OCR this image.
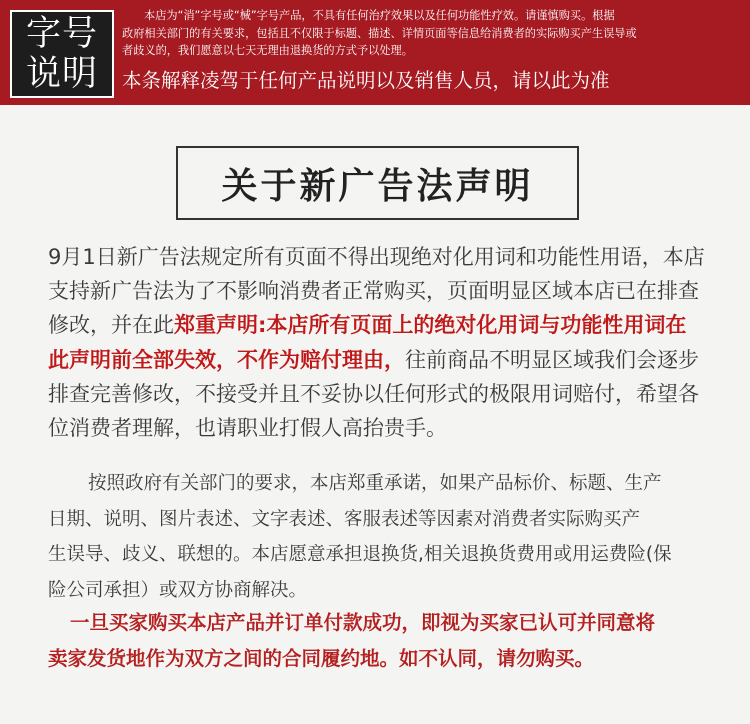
字号
说明

本店为“消”字号或“械”字号产品，不具有任何治疗效果以及任何功能性疗效。请谨慎购买。根据
政府相关部门的有关要求，包括且不仅限于标题、描述、详情页面等信息给消费者的实际购买产生误导或
者歧义的，我们愿意以七天无理由退换货的方式予以处理。

本条解释凌驾于任何产品说明以及销售人员，请以此为准

关于新广告法声明

9月1日新广告法规定所有页面不得出现绝对化用词和功能性用语，本店
支持新广告法为了不影响消费者正常购买，页面明显区域本店已在排查
修改，并在此郑重声明:本店所有页面上的绝对化用词与功能性用词在
此声明前全部失效，不作为赔付理由，往前商品不明显区域我们会逐步
排查完善修改，不接受并且不妥协以任何形式的极限用词赔付，希望各
位消费者理解，也请职业打假人高抬贵手。

按照政府有关部门的要求，本店郑重承诺，如果产品标价、标题、生产
日期、说明、图片表述、文字表述、客服表述等因素对消费者实际购买产
生误导、歧义、联想的。本店愿意承担退换货,相关退换货费用或用运费险(保
险公司承担）或双方协商解决。

一旦买家购买本店产品并订单付款成功，即视为买家已认可并同意将
卖家发货地作为双方之间的合同履约地。如不认同，请勿购买。
